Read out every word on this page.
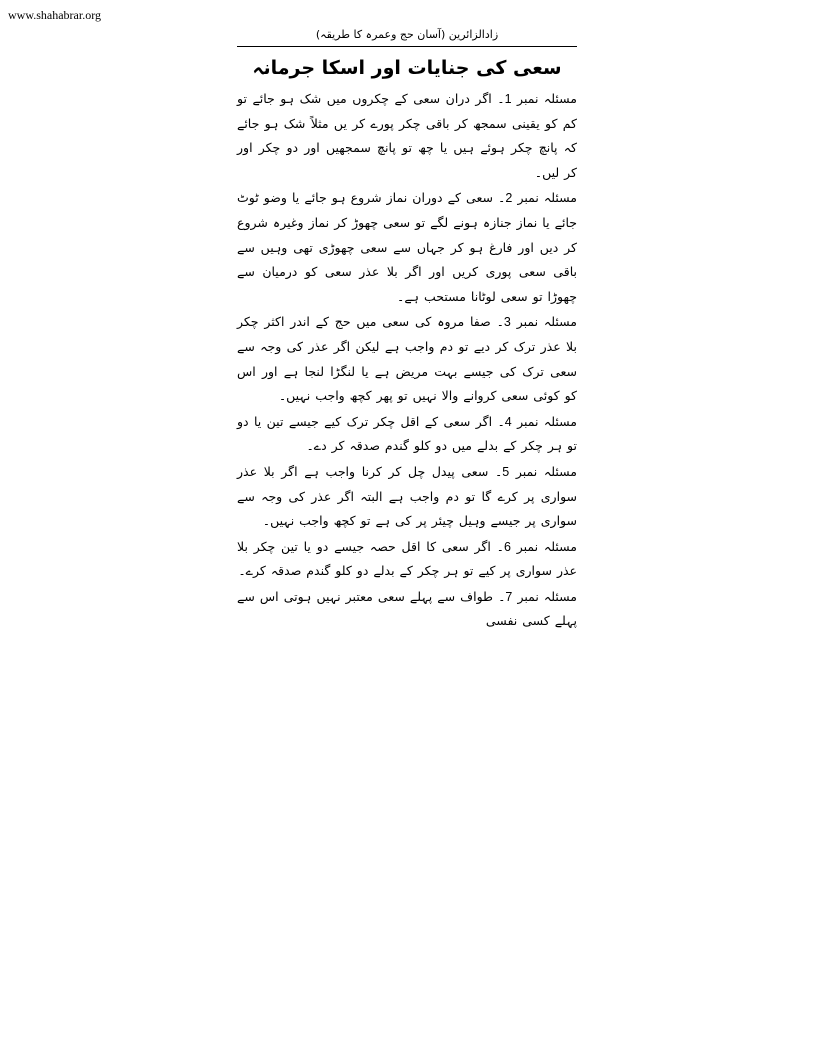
www.shahabrar.org
زادالزائرین (آسان حج وعمرہ کا طریقہ)
سعی کی جنایات اور اسکا جرمانہ

مسئلہ نمبر 1۔ اگر دران سعی کے چکروں میں شک ہو جائے تو کم کو یقینی سمجھ کر باقی چکر پورے کر یں مثلاً شک ہو جائے کہ پانچ چکر ہوئے ہیں یا چھ تو پانچ سمجھیں اور دو چکر اور کر لیں۔

مسئلہ نمبر 2۔ سعی کے دوران نماز شروع ہو جائے یا وضو ٹوٹ جائے یا نماز جنازہ ہونے لگے تو سعی چھوڑ کر نماز وغیرہ شروع کر دیں اور فارغ ہو کر جہاں سے سعی چھوڑی تھی وہیں سے باقی سعی پوری کریں اور اگر بلا عذر سعی کو درمیان سے چھوڑا تو سعی لوٹانا مستحب ہے۔

مسئلہ نمبر 3۔ صفا مروہ کی سعی میں حج کے اندر اکثر چکر بلا عذر ترک کر دیے تو دم واجب ہے لیکن اگر عذر کی وجہ سے سعی ترک کی جیسے بہت مریض ہے یا لنگڑا لنجا ہے اور اس کو کوئی سعی کروانے والا نہیں تو پھر کچھ واجب نہیں۔

مسئلہ نمبر 4۔ اگر سعی کے اقل چکر ترک کیے جیسے تین یا دو تو ہر چکر کے بدلے میں دو کلو گندم صدقہ کر دے۔

مسئلہ نمبر 5۔ سعی پیدل چل کر کرنا واجب ہے اگر بلا عذر سواری پر کرے گا تو دم واجب ہے البتہ اگر عذر کی وجہ سے سواری پر جیسے وہیل چیئر پر کی ہے تو کچھ واجب نہیں۔

مسئلہ نمبر 6۔ اگر سعی کا اقل حصہ جیسے دو یا تین چکر بلا عذر سواری پر کیے تو ہر چکر کے بدلے دو کلو گندم صدقہ کرے۔

مسئلہ نمبر 7۔ طواف سے پہلے سعی معتبر نہیں ہوتی اس سے پہلے کسی نفسی
